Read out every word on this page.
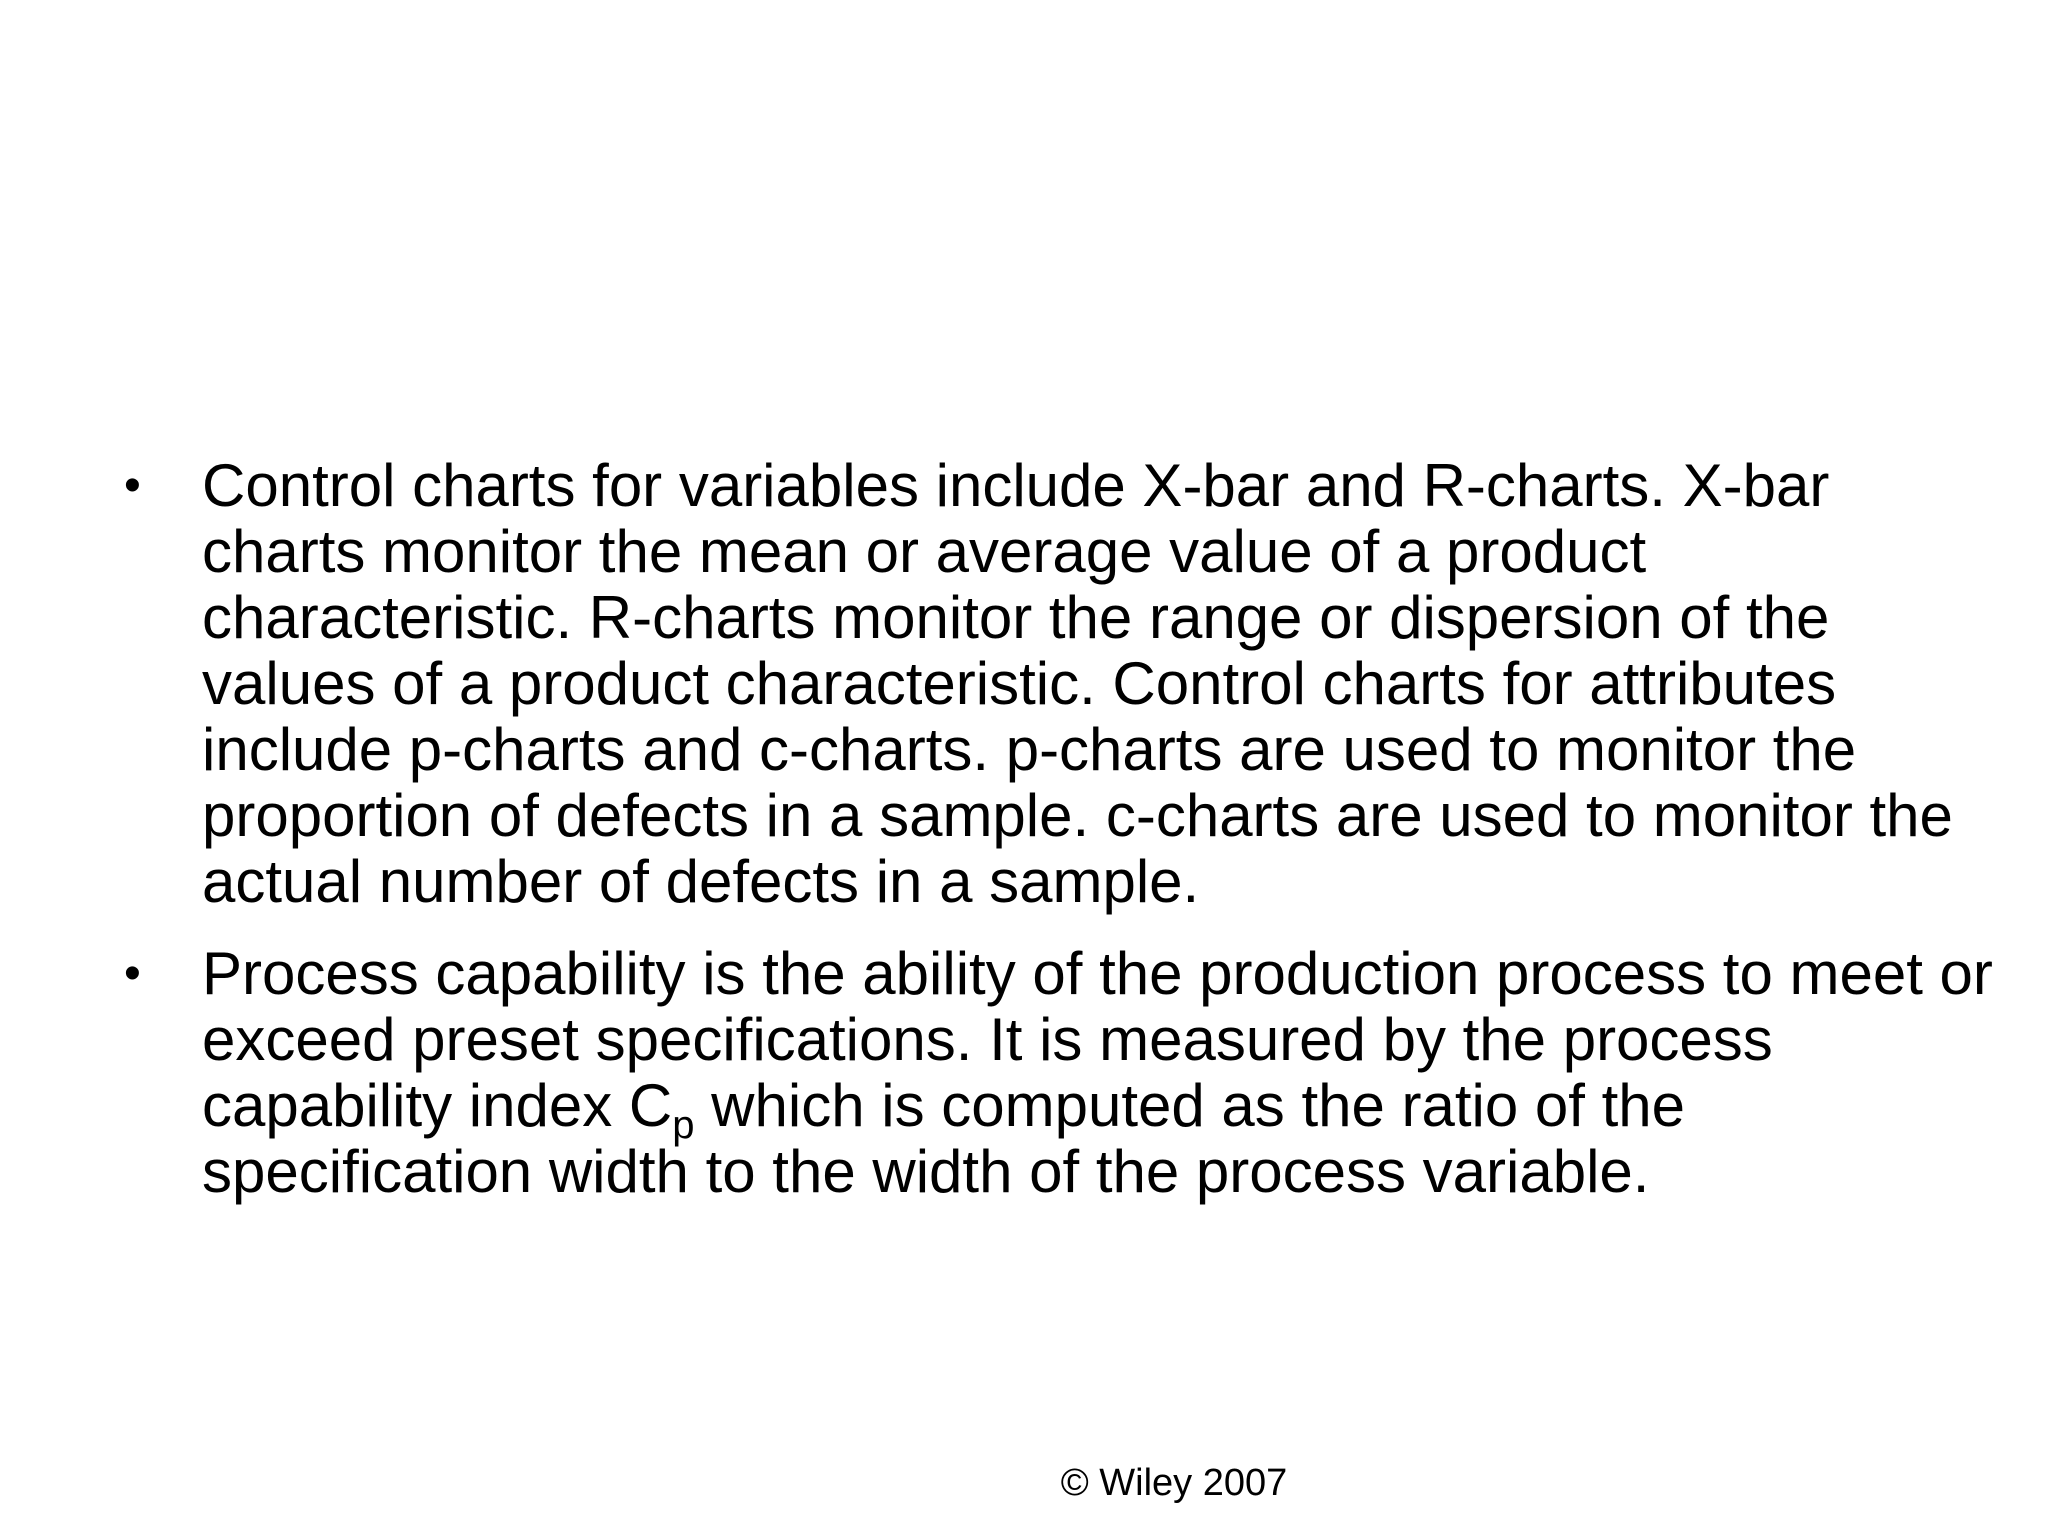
• Control charts for variables include X-bar and R-charts. X-bar charts monitor the mean or average value of a product characteristic. R-charts monitor the range or dispersion of the values of a product characteristic. Control charts for attributes include p-charts and c-charts. p-charts are used to monitor the proportion of defects in a sample. c-charts are used to monitor the actual number of defects in a sample.
• Process capability is the ability of the production process to meet or exceed preset specifications. It is measured by the process capability index $C_p$ which is computed as the ratio of the specification width to the width of the process variable.
© Wiley 2007
